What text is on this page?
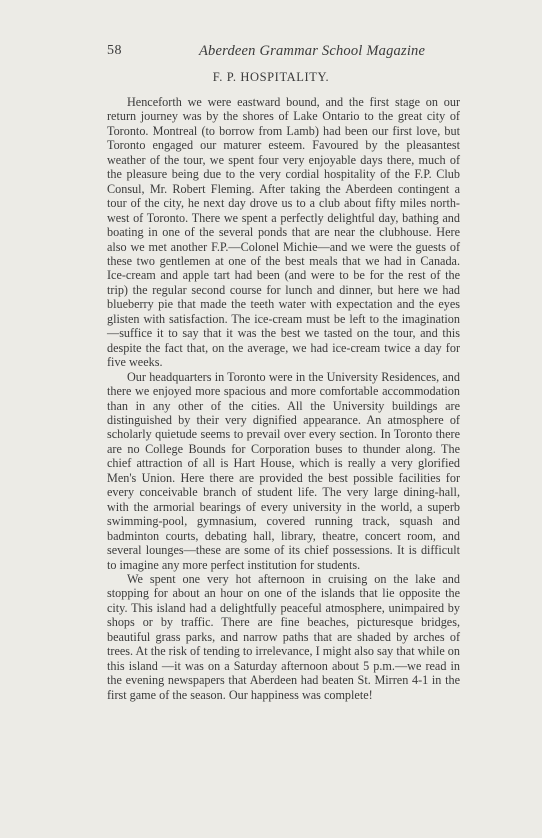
58	Aberdeen Grammar School Magazine
F. P. HOSPITALITY.

Henceforth we were eastward bound, and the first stage on our return journey was by the shores of Lake Ontario to the great city of Toronto. Montreal (to borrow from Lamb) had been our first love, but Toronto engaged our maturer esteem. Favoured by the pleasantest weather of the tour, we spent four very enjoyable days there, much of the pleasure being due to the very cordial hospitality of the F.P. Club Consul, Mr. Robert Fleming. After taking the Aberdeen contingent a tour of the city, he next day drove us to a club about fifty miles north-west of Toronto. There we spent a perfectly delightful day, bathing and boating in one of the several ponds that are near the clubhouse. Here also we met another F.P.—Colonel Michie—and we were the guests of these two gentlemen at one of the best meals that we had in Canada. Ice-cream and apple tart had been (and were to be for the rest of the trip) the regular second course for lunch and dinner, but here we had blueberry pie that made the teeth water with expectation and the eyes glisten with satisfaction. The ice-cream must be left to the imagination —suffice it to say that it was the best we tasted on the tour, and this despite the fact that, on the average, we had ice-cream twice a day for five weeks.

Our headquarters in Toronto were in the University Residences, and there we enjoyed more spacious and more comfortable accommodation than in any other of the cities. All the University buildings are distinguished by their very dignified appearance. An atmosphere of scholarly quietude seems to prevail over every section. In Toronto there are no College Bounds for Corporation buses to thunder along. The chief attraction of all is Hart House, which is really a very glorified Men's Union. Here there are provided the best possible facilities for every conceivable branch of student life. The very large dining-hall, with the armorial bearings of every university in the world, a superb swimming-pool, gymnasium, covered running track, squash and badminton courts, debating hall, library, theatre, concert room, and several lounges—these are some of its chief possessions. It is difficult to imagine any more perfect institution for students.

We spent one very hot afternoon in cruising on the lake and stopping for about an hour on one of the islands that lie opposite the city. This island had a delightfully peaceful atmosphere, unimpaired by shops or by traffic. There are fine beaches, picturesque bridges, beautiful grass parks, and narrow paths that are shaded by arches of trees. At the risk of tending to irrelevance, I might also say that while on this island —it was on a Saturday afternoon about 5 p.m.—we read in the evening newspapers that Aberdeen had beaten St. Mirren 4-1 in the first game of the season. Our happiness was complete!
